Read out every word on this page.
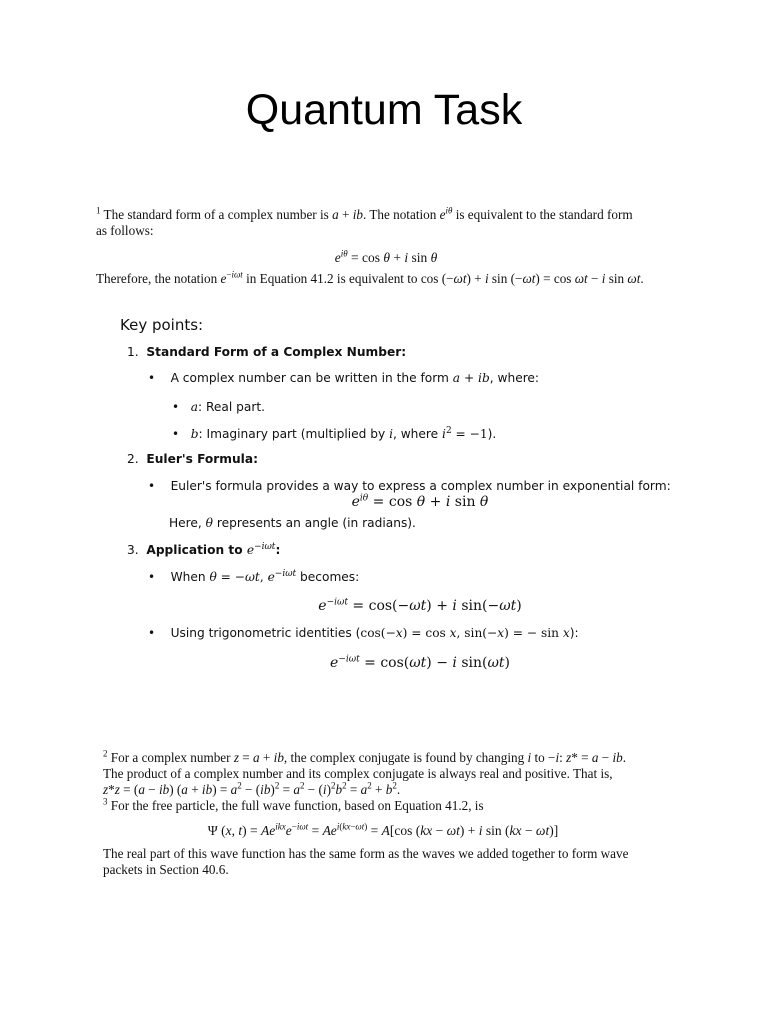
Quantum Task
$^1$ The standard form of a complex number is a + ib. The notation $e^{i\theta}$ is equivalent to the standard form
as follows:
$e^{i\theta} = \cos \theta + i$ sin θ
Therefore, the notation $e^{-i\omega t}$ in Equation 41.2 is equivalent to cos (−ωt) + i sin (−ωt) = cos ωt − i sin ωt.
Key points:
1. Standard Form of a Complex Number:
• A complex number can be written in the form a + ib, where:
• a: Real part.
• b: Imaginary part (multiplied by i, where $i^2 = -1$).
2. Euler's Formula:
• Euler's formula provides a way to express a complex number in exponential form:
$e^{i\theta} = \cos \theta + i$ sin θ
Here, θ represents an angle (in radians).
3. Application to $e^{-i\omega t}$:
• When θ = −ωt, $e^{-i\omega t}$ becomes:
$e^{-i\omega t} = \cos(-\omega t) + i$ sin(−ωt)
• Using trigonometric identities (cos(−x) = cos x, sin(−x) = − sin x):
$e^{-i\omega t} = \cos(\omega t) - i$ sin(ωt)
$^2$ For a complex number z = a + ib, the complex conjugate is found by changing i to −i: z* = a − ib.
The product of a complex number and its complex conjugate is always real and positive. That is,
z*z = (a − ib) $(a + ib) = a^2 - (ib)^2 = a^2 - (i)^2b^2 = a^2 + b^2$.
$^3$ For the free particle, the full wave function, based on Equation 41.2, is
Ψ (x, $t) = Ae^{ikx}e^{-i\omega t} = Ae^{i(kx-\omega t)} = A[\cos$ (kx − ωt) + i sin (kx − ωt)]
The real part of this wave function has the same form as the waves we added together to form wave
packets in Section 40.6.
